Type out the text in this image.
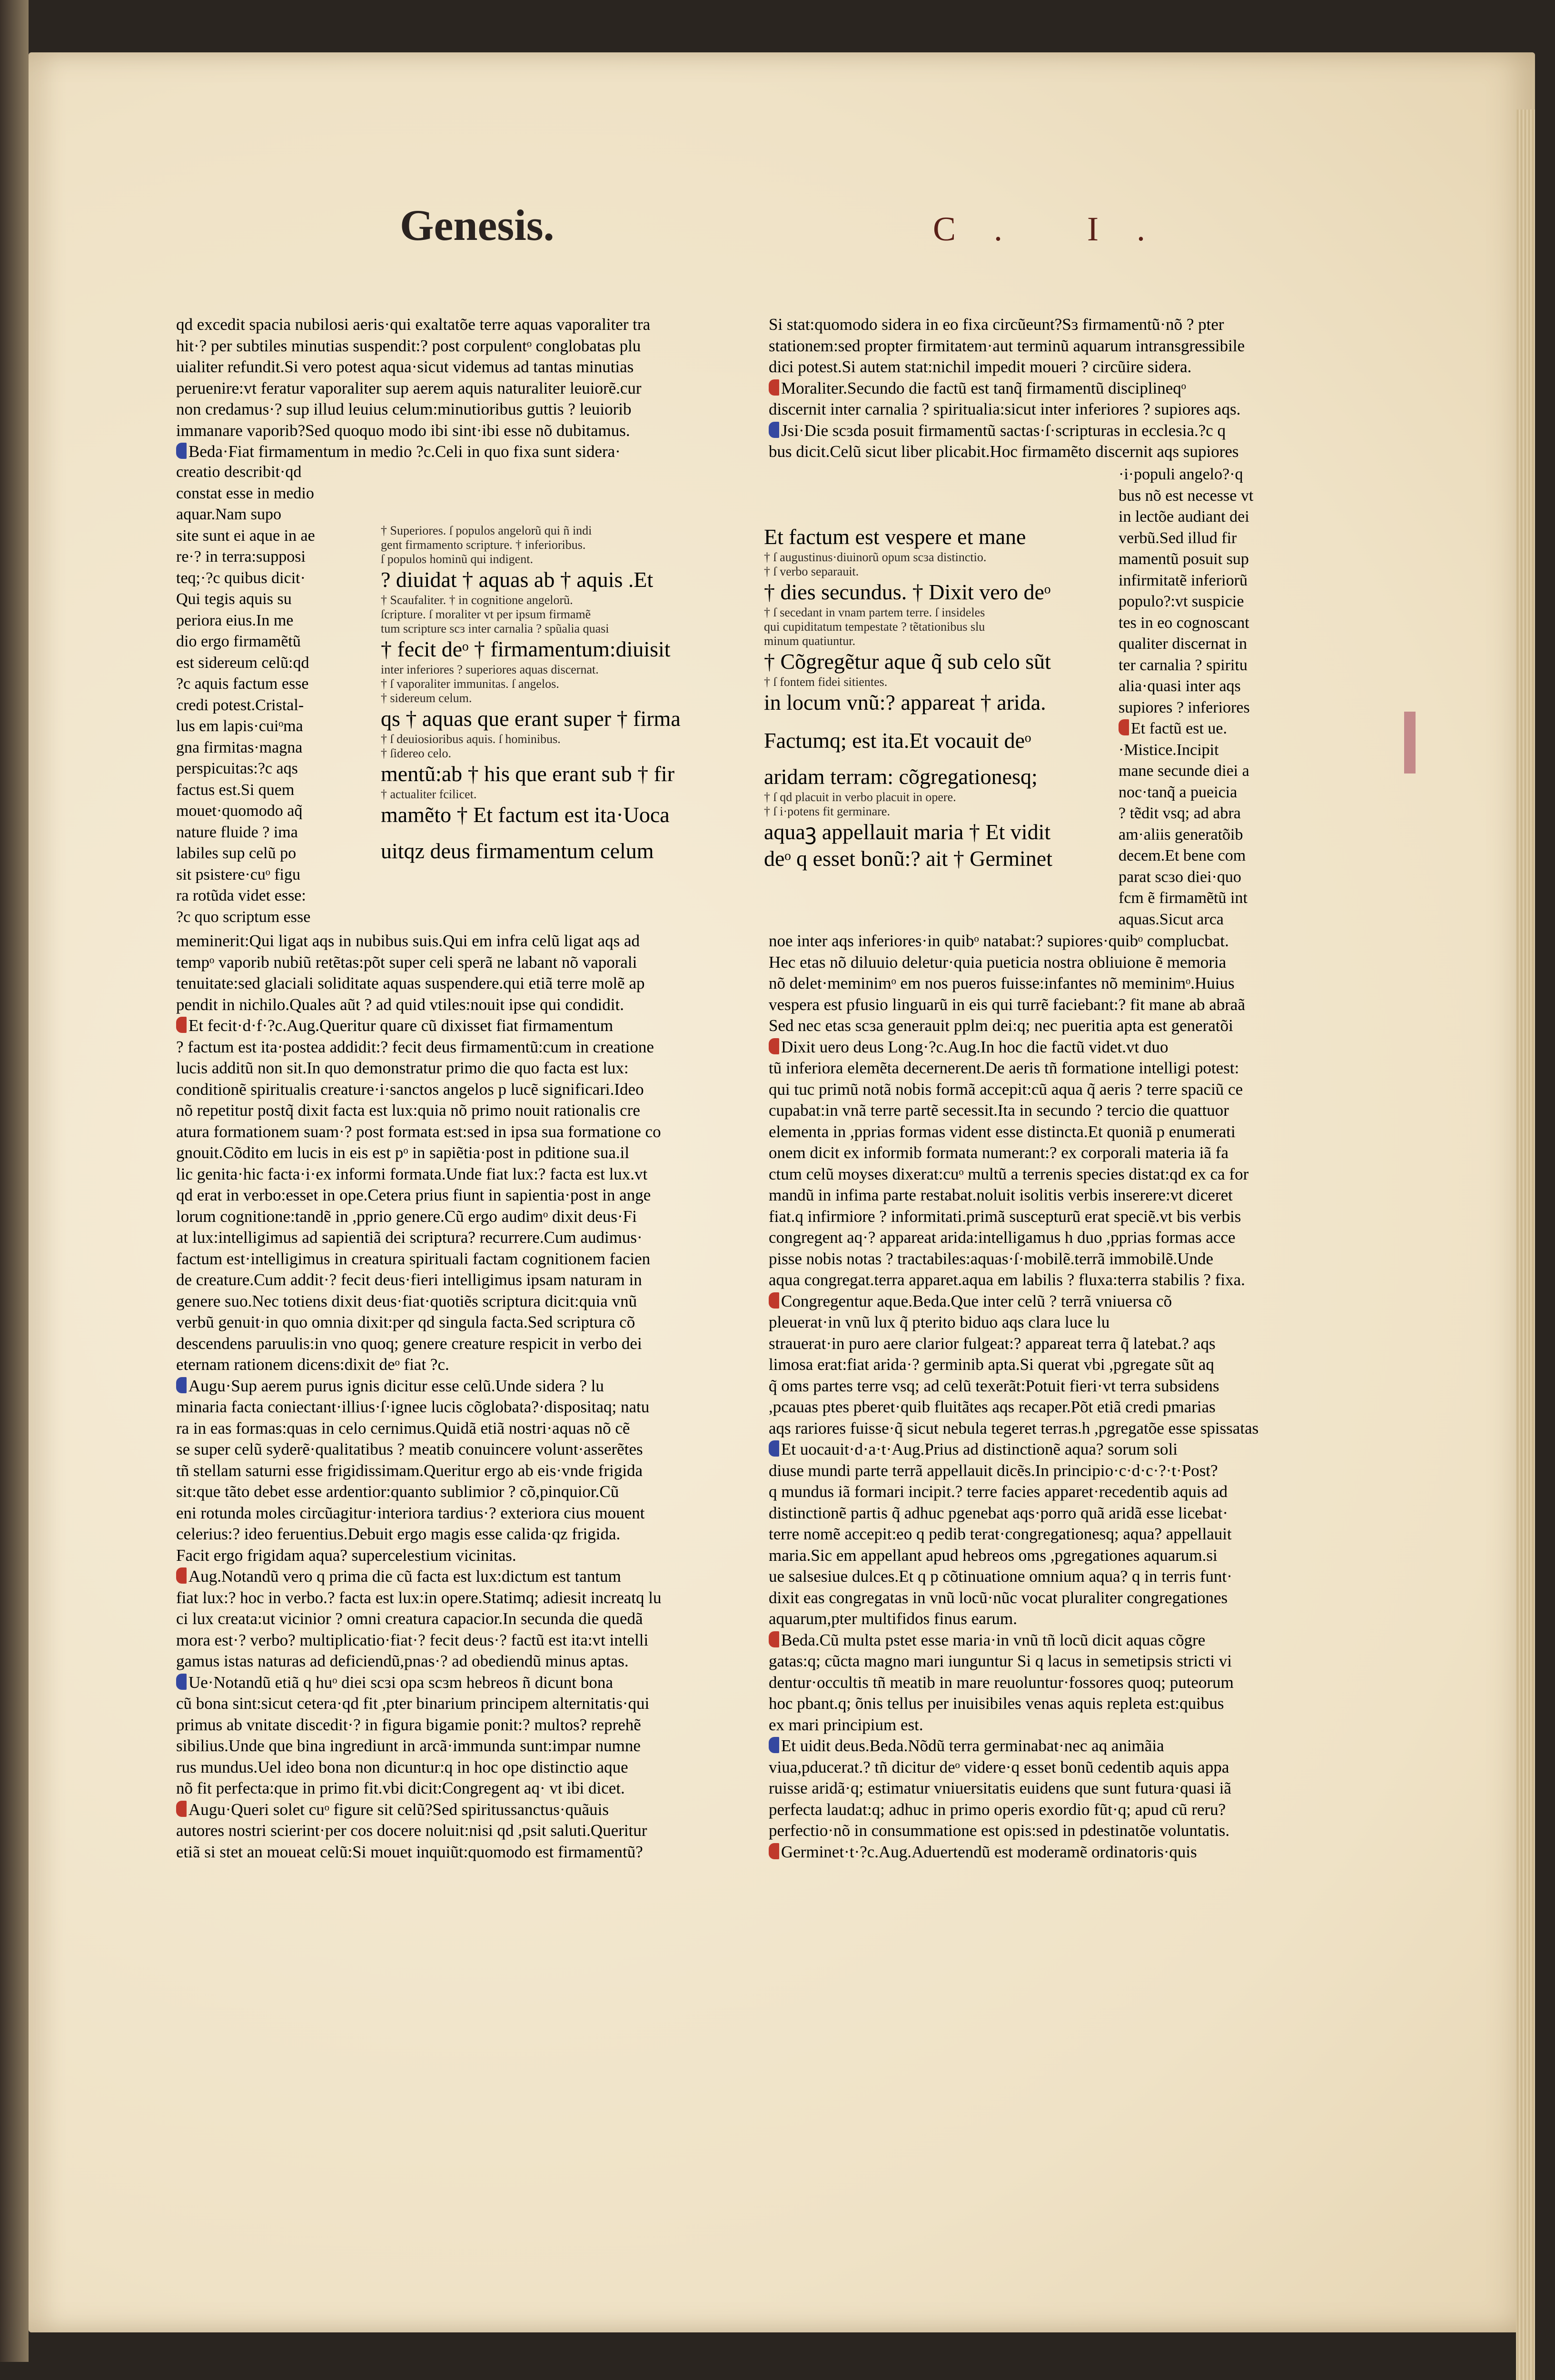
Genesis.	C. I.
qd excedit spacia nubilosi aeris·qui exaltatõe terre aquas vaporaliter tra
hit·? per subtiles minutias suspendit:? post corpulentᵒ conglobatas plu
uialiter refundit.Si vero potest aqua·sicut videmus ad tantas minutias
peruenire:vt feratur vaporaliter sup aerem aquis naturaliter leuiorẽ.cur
non credamus·? sup illud leuius celum:minutioribus guttis ? leuiorib
immanare vaporib?Sed quoquo modo ibi sint·ibi esse nõ dubitamus.
Beda·Fiat firmamentum in medio ?c.Celi in quo fixa sunt sidera·
creatio describit·qd
constat esse in medio
aquar.Nam supo
site sunt ei aque in ae
re·? in terra:supposi
teq;·?c quibus dicit·
Qui tegis aquis su
periora eius.In me
dio ergo firmamẽtũ
est sidereum celũ:qd
?c aquis factum esse
credi potest.Cristal-
lus em lapis·cuiᵒma
gna firmitas·magna
perspicuitas:?c aqs
factus est.Si quem
mouet·quomodo aq̃
nature fluide ? ima
labiles sup celũ po
sit psistere·cuᵒ figu
ra rotũda videt esse:
?c quo scriptum esse
† Superiores. ſ populos angelorũ qui ñ indi
gent firmamento scripture. † inferioribus.
ſ populos hominũ qui indigent.
? diuidat † aquas ab † aquis .Et
† Scaufaliter. † in cognitione angelorũ.
ſcripture. ſ moraliter vt per ipsum firmamẽ
tum scripture scɜ inter carnalia ? spũalia quasi
† fecit deᵒ † firmamentum:diuisit
inter inferiores ? superiores aquas discernat.
† ſ vaporaliter immunitas. ſ angelos.
† sidereum celum.
qs † aquas que erant super † firma
† ſ deuiosioribus aquis. ſ hominibus.
† ſidereo celo.
mentũ:ab † his que erant sub † fir
† actualiter fcilicet.
mamẽto † Et factum est ita·Uoca
uitqz deus firmamentum celum
Si stat:quomodo sidera in eo fixa circũeunt?Sɜ firmamentũ·nõ ? pter
stationem:sed propter firmitatem·aut terminũ aquarum intransgressibile
dici potest.Si autem stat:nichil impedit moueri ? circũire sidera.
Moraliter.Secundo die factũ est tanq̃ firmamentũ disciplineqᵒ
discernit inter carnalia ? spiritualia:sicut inter inferiores ? supiores aqs.
Jsi·Die scɜda posuit firmamentũ sactas·ſ·scripturas in ecclesia.?c q
bus dicit.Celũ sicut liber plicabit.Hoc firmamẽto discernit aqs supiores
Et factum est vespere et mane
† ſ augustinus·diuinorũ opum scɜa distinctio.
† ſ verbo separauit.
† dies secundus. † Dixit vero deᵒ
† ſ secedant in vnam partem terre. ſ insideles
qui cupiditatum tempestate ? tẽtationibus slu
minum quatiuntur.
† Cõgregẽtur aque q̃ sub celo sũt
† ſ fontem fidei sitientes.
in locum vnũ:? appareat † arida.
Factumq; est ita.Et vocauit deᵒ
aridam terram: cõgregationesq;
† ſ qd placuit in verbo placuit in opere.
† ſ i·potens fit germinare.
aquaꝫ appellauit maria † Et vidit
deᵒ q esset bonũ:? ait † Germinet
·i·populi angelo?·q
bus nõ est necesse vt
in lectõe audiant dei
verbũ.Sed illud fir
mamentũ posuit sup
infirmitatẽ inferiorũ
populo?:vt suspicie
tes in eo cognoscant
qualiter discernat in
ter carnalia ? spiritu
alia·quasi inter aqs
supiores ? inferiores
Et factũ est ue.
·Mistice.Incipit
mane secunde diei a
noc·tanq̃ a pueicia
? tẽdit vsq; ad abra
am·aliis generatõib
decem.Et bene com
parat scɜo diei·quo
fcm ẽ firmamẽtũ int
aquas.Sicut arca
meminerit:Qui ligat aqs in nubibus suis.Qui em infra celũ ligat aqs ad
tempᵒ vaporib nubiũ retẽtas:põt super celi sperã ne labant nõ vaporali
tenuitate:sed glaciali soliditate aquas suspendere.qui etiã terre molẽ ap
pendit in nichilo.Quales aũt ? ad quid vtiles:nouit ipse qui condidit.
Et fecit·d·f·?c.Aug.Queritur quare cũ dixisset fiat firmamentum
? factum est ita·postea addidit:? fecit deus firmamentũ:cum in creatione
lucis additũ non sit.In quo demonstratur primo die quo facta est lux:
conditionẽ spiritualis creature·i·sanctos angelos p lucẽ significari.Ideo
nõ repetitur postq̃ dixit facta est lux:quia nõ primo nouit rationalis cre
atura formationem suam·? post formata est:sed in ipsa sua formatione co
gnouit.Cõdito em lucis in eis est pᵒ in sapiẽtia·post in pditione sua.il
lic genita·hic facta·i·ex informi formata.Unde fiat lux:? facta est lux.vt
qd erat in verbo:esset in ope.Cetera prius fiunt in sapientia·post in ange
lorum cognitione:tandẽ in ,pprio genere.Cũ ergo audimᵒ dixit deus·Fi
at lux:intelligimus ad sapientiã dei scriptura? recurrere.Cum audimus·
factum est·intelligimus in creatura spirituali factam cognitionem facien
de creature.Cum addit·? fecit deus·fieri intelligimus ipsam naturam in
genere suo.Nec totiens dixit deus·fiat·quotiẽs scriptura dicit:quia vnũ
verbũ genuit·in quo omnia dixit:per qd singula facta.Sed scriptura cõ
descendens paruulis:in vno quoq; genere creature respicit in verbo dei
eternam rationem dicens:dixit deᵒ fiat ?c.
Augu·Sup aerem purus ignis dicitur esse celũ.Unde sidera ? lu
minaria facta coniectant·illius·ſ·ignee lucis cõglobata?·dispositaq; natu
ra in eas formas:quas in celo cernimus.Quidã etiã nostri·aquas nõ cẽ
se super celũ syderẽ·qualitatibus ? meatib conuincere volunt·asserẽtes
tñ stellam saturni esse frigidissimam.Queritur ergo ab eis·vnde frigida
sit:que tãto debet esse ardentior:quanto sublimior ? cõ,pinquior.Cũ
eni rotunda moles circũagitur·interiora tardius·? exteriora cius mouent
celerius:? ideo feruentius.Debuit ergo magis esse calida·qz frigida.
Facit ergo frigidam aqua? supercelestium vicinitas.
Aug.Notandũ vero q prima die cũ facta est lux:dictum est tantum
fiat lux:? hoc in verbo.? facta est lux:in opere.Statimq; adiesit increatq lu
ci lux creata:ut vicinior ? omni creatura capacior.In secunda die quedã
mora est·? verbo? multiplicatio·fiat·? fecit deus·? factũ est ita:vt intelli
gamus istas naturas ad deficiendũ,pnas·? ad obediendũ minus aptas.
Ue·Notandũ etiã q huᵒ diei scɜi opa scɜm hebreos ñ dicunt bona
cũ bona sint:sicut cetera·qd fit ,pter binarium principem alternitatis·qui
primus ab vnitate discedit·? in figura bigamie ponit:? multos? reprehẽ
sibilius.Unde que bina ingrediunt in arcã·immunda sunt:impar numne
rus mundus.Uel ideo bona non dicuntur:q in hoc ope distinctio aque
nõ fit perfecta:que in primo fit.vbi dicit:Congregent aq· vt ibi dicet.
Augu·Queri solet cuᵒ figure sit celũ?Sed spiritussanctus·quãuis
autores nostri scierint·per cos docere noluit:nisi qd ,psit saluti.Queritur
etiã si stet an moueat celũ:Si mouet inquiũt:quomodo est firmamentũ?
noe inter aqs inferiores·in quibᵒ natabat:? supiores·quibᵒ complucbat.
Hec etas nõ diluuio deletur·quia pueticia nostra obliuione ẽ memoria
nõ delet·meminimᵒ em nos pueros fuisse:infantes nõ meminimᵒ.Huius
vespera est pfusio linguarũ in eis qui turrẽ faciebant:? fit mane ab abraã
Sed nec etas scɜa generauit pplm dei:q; nec pueritia apta est generatõi
Dixit uero deus Long·?c.Aug.In hoc die factũ videt.vt duo
tũ inferiora elemẽta decernerent.De aeris tñ formatione intelligi potest:
qui tuc primũ notã nobis formã accepit:cũ aqua q̃ aeris ? terre spaciũ ce
cupabat:in vnã terre partẽ secessit.Ita in secundo ? tercio die quattuor
elementa in ,pprias formas vident esse distincta.Et quoniã p enumerati
onem dicit ex informib formata numerant:? ex corporali materia iã fa
ctum celũ moyses dixerat:cuᵒ multũ a terrenis species distat:qd ex ca for
mandũ in infima parte restabat.noluit isolitis verbis inserere:vt diceret
fiat.q infirmiore ? informitati.primã suscepturũ erat speciẽ.vt bis verbis
congregent aq·? appareat arida:intelligamus h duo ,pprias formas acce
pisse nobis notas ? tractabiles:aquas·ſ·mobilẽ.terrã immobilẽ.Unde
aqua congregat.terra apparet.aqua em labilis ? fluxa:terra stabilis ? fixa.
Congregentur aque.Beda.Que inter celũ ? terrã vniuersa cõ
pleuerat·in vnũ lux q̃ pterito biduo aqs clara luce lu
strauerat·in puro aere clarior fulgeat:? appareat terra q̃ latebat.? aqs
limosa erat:fiat arida·? germinib apta.Si querat vbi ,pgregate sũt aq
q̃ oms partes terre vsq; ad celũ texerãt:Potuit fieri·vt terra subsidens
,pcauas ptes pberet·quib fluitãtes aqs recaper.Põt etiã credi pmarias
aqs rariores fuisse·q̃ sicut nebula tegeret terras.h ,pgregatõe esse spissatas
Et uocauit·d·a·t·Aug.Prius ad distinctionẽ aqua? sorum soli
diuse mundi parte terrã appellauit dicẽs.In principio·c·d·c·?·t·Post?
q mundus iã formari incipit.? terre facies apparet·recedentib aquis ad
distinctionẽ partis q̃ adhuc pgenebat aqs·porro quã aridã esse licebat·
terre nomẽ accepit:eo q pedib terat·congregationesq; aqua? appellauit
maria.Sic em appellant apud hebreos oms ,pgregationes aquarum.si
ue salsesiue dulces.Et q p cõtinuatione omnium aqua? q in terris funt·
dixit eas congregatas in vnũ locũ·nũc vocat pluraliter congregationes
aquarum,pter multifidos finus earum.
Beda.Cũ multa pstet esse maria·in vnũ tñ locũ dicit aquas cõgre
gatas:q; cũcta magno mari iunguntur Si q lacus in semetipsis stricti vi
dentur·occultis tñ meatib in mare reuoluntur·fossores quoq; puteorum
hoc pbant.q; õnis tellus per inuisibiles venas aquis repleta est:quibus
ex mari principium est.
Et uidit deus.Beda.Nõdũ terra germinabat·nec aq animãia
viua,pducerat.? tñ dicitur deᵒ videre·q esset bonũ cedentib aquis appa
ruisse aridã·q; estimatur vniuersitatis euidens que sunt futura·quasi iã
perfecta laudat:q; adhuc in primo operis exordio fũt·q; apud cũ reru?
perfectio·nõ in consummatione est opis:sed in pdestinatõe voluntatis.
Germinet·t·?c.Aug.Aduertendũ est moderamẽ ordinatoris·quis
